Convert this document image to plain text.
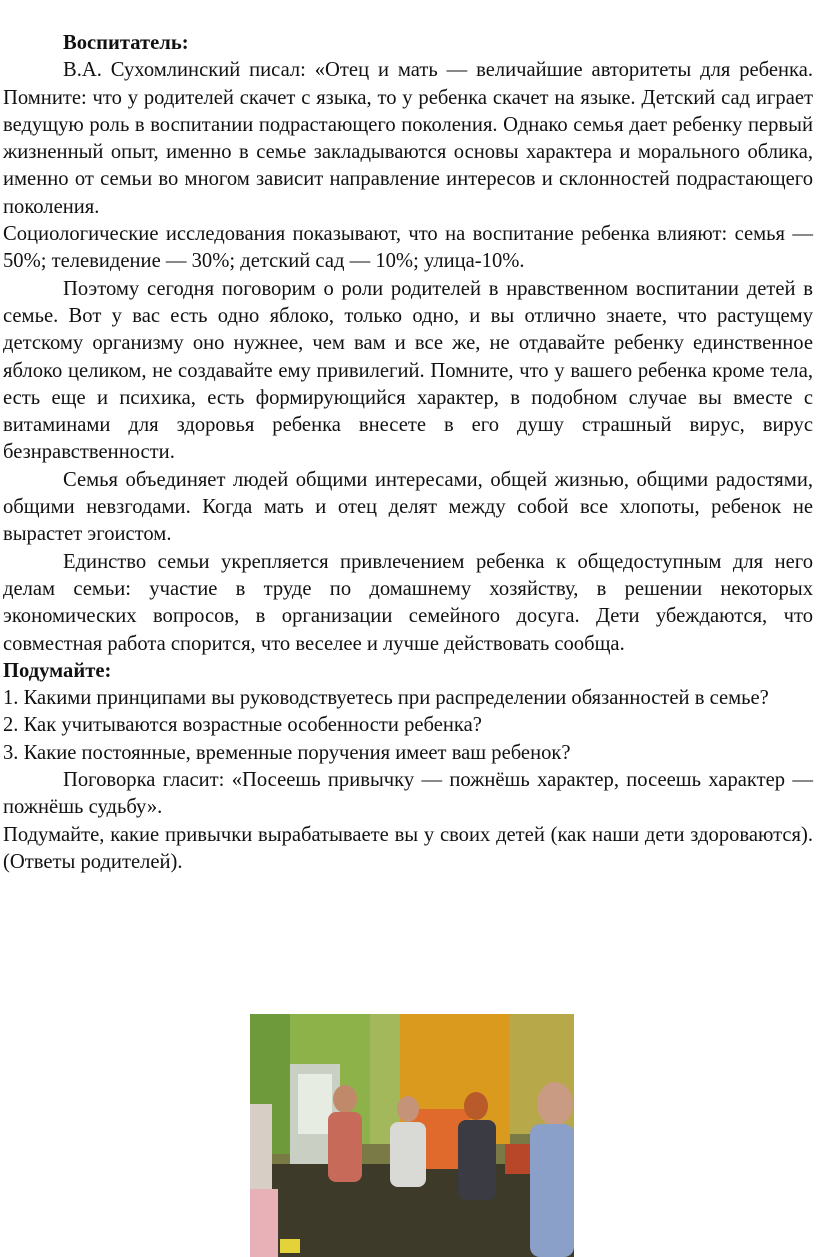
Воспитатель:

В.А. Сухомлинский писал: «Отец и мать — величайшие авторитеты для ребенка. Помните: что у родителей скачет с языка, то у ребенка скачет на языке. Детский сад играет ведущую роль в воспитании подрастающего поколения. Однако семья дает ребенку первый жизненный опыт, именно в семье закладываются основы характера и морального облика, именно от семьи во многом зависит направление интересов и склонностей подрастающего поколения.

Социологические исследования показывают, что на воспитание ребенка влияют: семья — 50%; телевидение — 30%; детский сад — 10%; улица-10%.

Поэтому сегодня поговорим о роли родителей в нравственном воспитании детей в семье. Вот у вас есть одно яблоко, только одно, и вы отлично знаете, что растущему детскому организму оно нужнее, чем вам и все же, не отдавайте ребенку единственное яблоко целиком, не создавайте ему привилегий. Помните, что у вашего ребенка кроме тела, есть еще и психика, есть формирующийся характер, в подобном случае вы вместе с витаминами для здоровья ребенка внесете в его душу страшный вирус, вирус безнравственности.

Семья объединяет людей общими интересами, общей жизнью, общими радостями, общими невзгодами. Когда мать и отец делят между собой все хлопоты, ребенок не вырастет эгоистом.

Единство семьи укрепляется привлечением ребенка к общедоступным для него делам семьи: участие в труде по домашнему хозяйству, в решении некоторых экономических вопросов, в организации семейного досуга. Дети убеждаются, что совместная работа спорится, что веселее и лучше действовать сообща.

Подумайте:

1. Какими принципами вы руководствуетесь при распределении обязанностей в семье?

2. Как учитываются возрастные особенности ребенка?

3. Какие постоянные, временные поручения имеет ваш ребенок?

Поговорка гласит: «Посеешь привычку — пожнёшь характер, посеешь характер — пожнёшь судьбу».

Подумайте, какие привычки вырабатываете вы у своих детей (как наши дети здороваются). (Ответы родителей).
